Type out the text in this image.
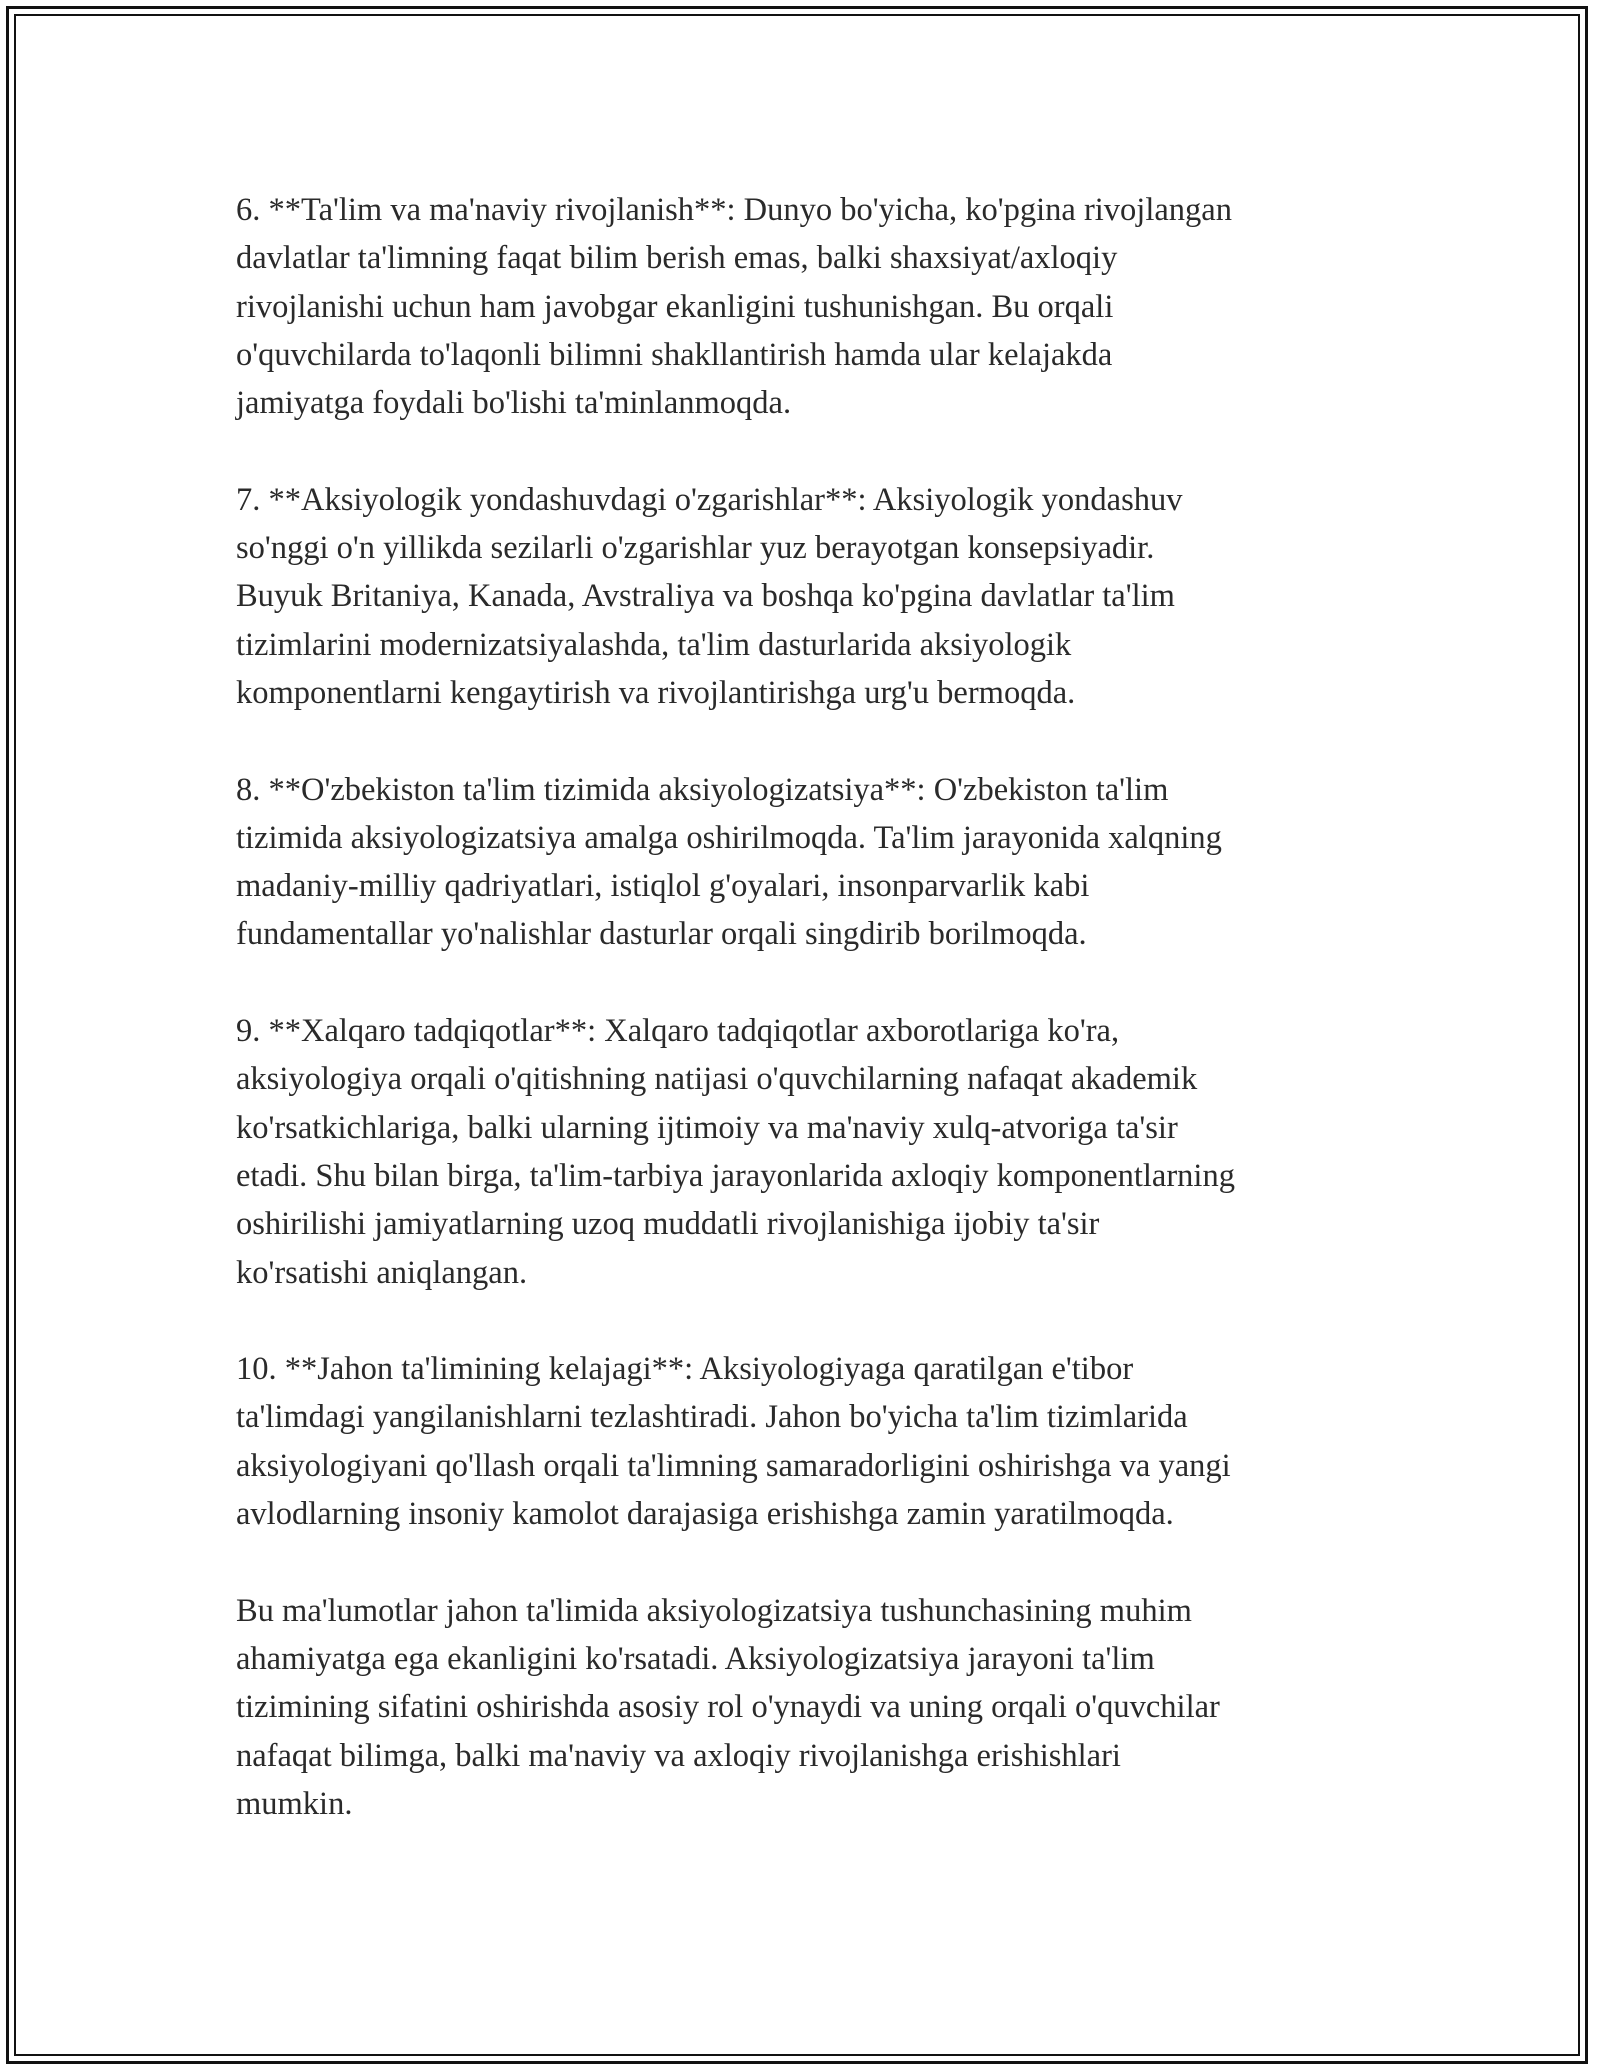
6. **Ta'lim va ma'naviy rivojlanish**: Dunyo bo'yicha, ko'pgina rivojlangan
davlatlar ta'limning faqat bilim berish emas, balki shaxsiyat/axloqiy
rivojlanishi uchun ham javobgar ekanligini tushunishgan. Bu orqali
o'quvchilarda to'laqonli bilimni shakllantirish hamda ular kelajakda
jamiyatga foydali bo'lishi ta'minlanmoqda.

7. **Aksiyologik yondashuvdagi o'zgarishlar**: Aksiyologik yondashuv
so'nggi o'n yillikda sezilarli o'zgarishlar yuz berayotgan konsepsiyadir.
Buyuk Britaniya, Kanada, Avstraliya va boshqa ko'pgina davlatlar ta'lim
tizimlarini modernizatsiyalashda, ta'lim dasturlarida aksiyologik
komponentlarni kengaytirish va rivojlantirishga urg'u bermoqda.

8. **O'zbekiston ta'lim tizimida aksiyologizatsiya**: O'zbekiston ta'lim
tizimida aksiyologizatsiya amalga oshirilmoqda. Ta'lim jarayonida xalqning
madaniy-milliy qadriyatlari, istiqlol g'oyalari, insonparvarlik kabi
fundamentallar yo'nalishlar dasturlar orqali singdirib borilmoqda.

9. **Xalqaro tadqiqotlar**: Xalqaro tadqiqotlar axborotlariga ko'ra,
aksiyologiya orqali o'qitishning natijasi o'quvchilarning nafaqat akademik
ko'rsatkichlariga, balki ularning ijtimoiy va ma'naviy xulq-atvoriga ta'sir
etadi. Shu bilan birga, ta'lim-tarbiya jarayonlarida axloqiy komponentlarning
oshirilishi jamiyatlarning uzoq muddatli rivojlanishiga ijobiy ta'sir
ko'rsatishi aniqlangan.

10. **Jahon ta'limining kelajagi**: Aksiyologiyaga qaratilgan e'tibor
ta'limdagi yangilanishlarni tezlashtiradi. Jahon bo'yicha ta'lim tizimlarida
aksiyologiyani qo'llash orqali ta'limning samaradorligini oshirishga va yangi
avlodlarning insoniy kamolot darajasiga erishishga zamin yaratilmoqda.

Bu ma'lumotlar jahon ta'limida aksiyologizatsiya tushunchasining muhim
ahamiyatga ega ekanligini ko'rsatadi. Aksiyologizatsiya jarayoni ta'lim
tizimining sifatini oshirishda asosiy rol o'ynaydi va uning orqali o'quvchilar
nafaqat bilimga, balki ma'naviy va axloqiy rivojlanishga erishishlari
mumkin.
